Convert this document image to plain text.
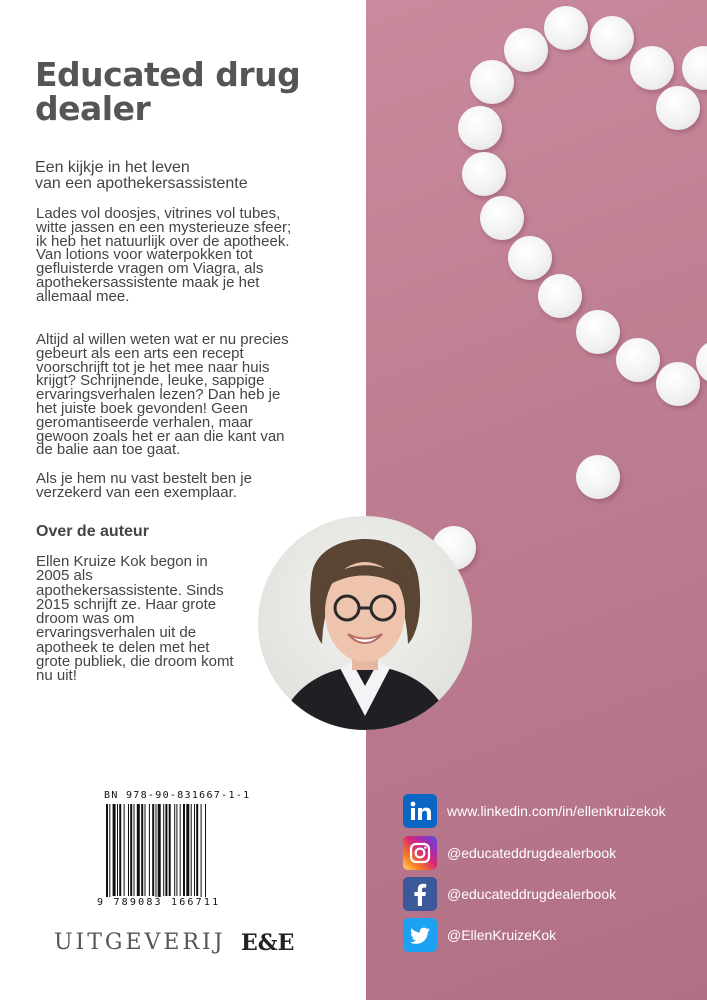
Educated drug dealer
Een kijkje in het leven
van een apothekersassistente
Lades vol doosjes, vitrines vol tubes, witte jassen en een mysterieuze sfeer; ik heb het natuurlijk over de apotheek. Van lotions voor waterpokken tot gefluisterde vragen om Viagra, als apothekersassistente maak je het allemaal mee.
Altijd al willen weten wat er nu precies gebeurt als een arts een recept voorschrijft tot je het mee naar huis krijgt? Schrijnende, leuke, sappige ervaringsverhalen lezen? Dan heb je het juiste boek gevonden! Geen geromantiseerde verhalen, maar gewoon zoals het er aan die kant van de balie aan toe gaat.
Als je hem nu vast bestelt ben je verzekerd van een exemplaar.
Over de auteur
Ellen Kruize Kok begon in 2005 als apothekersassistente. Sinds 2015 schrijft ze. Haar grote droom was om ervaringsverhalen uit de apotheek te delen met het grote publiek, die droom komt nu uit!
BN 978-90-831667-1-1
9 789083 166711
UITGEVERIJ E&E
www.linkedin.com/in/ellenkruizekok
@educateddrugdealerbook
@educateddrugdealerbook
@EllenKruizeKok
